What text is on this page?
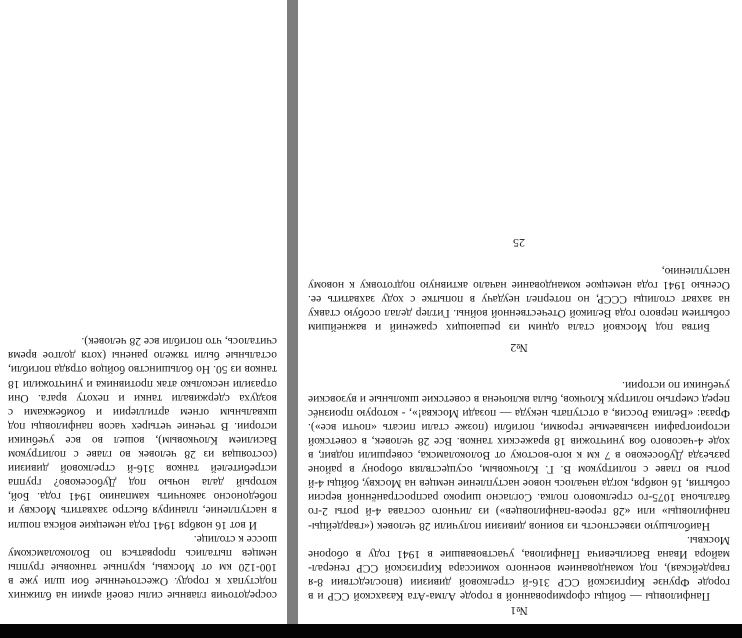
сосредоточив главные силы своей армии на ближних подступах к городу. Ожесточенные бои шли уже в 100-120 км от Москвы, крупные танковые группы немцев пытались прорваться по Волоколамскому шоссе к столице.

И вот 16 ноября 1941 года немецкие войска пошли в наступление, планируя быстро захватить Москву и победоносно закончить кампанию 1941 года. Бой, который дала ночью под Дубосеково? группа истребителей танков 316-й стрелковой дивизии (состоящая из 28 человек во главе с политруком Василием Клочковым), вошел во все учебники истории. В течение четырех часов панфиловцы под шквальным огнем артиллерии и бомбежками с воздуха сдерживали танки и пехоту врага. Они отразили несколько атак противника и уничтожили 18 танков из 50. Но большинство бойцов отряда погибли, остальные были тяжело ранены (хотя долгое время считалось, что погибли все 28 человек).

№1

Панфиловцы — бойцы сформированной в городе Алма-Ата Казахской ССР и в городе Фрунзе Киргизской ССР 316-й стрелковой дивизии (впоследствии 8-я гвардейская), под командованием военного комиссара Киргизской ССР генерал-майора Ивана Васильевича Панфилова, участвовавшие в 1941 году в обороне Москвы.

Наибольшую известность из воинов дивизии получили 28 человек («гвардейцы-панфиловцы» или «28 героев-панфиловцев») из личного состава 4-й роты 2-го батальона 1075-го стрелкового полка. Согласно широко распространённой версии события, 16 ноября, когда началось новое наступление немцев на Москву, бойцы 4-й роты во главе с политруком В. Г. Клочковым, осуществляя оборону в районе разъезда Дубосеково в 7 км к юго-востоку от Волоколамска, совершили подвиг, в ходе 4-часового боя уничтожив 18 вражеских танков. Все 28 человек, в советской историографии называемые героями, погибли (позже стали писать «почти все»). Фраза: «Велика Россия, а отступать некуда — позади Москва!», - которую произнёс перед смертью политрук Клочков, была включена в советские школьные и вузовские учебники по истории.

№2

Битва под Москвой стала одним из решающих сражений и важнейшим событием первого года Великой Отечественной войны. Гитлер делал особую ставку на захват столицы СССР, но потерпел неудачу в попытке с ходу захватить ее. Осенью 1941 года немецкое командование начало активную подготовку к новому наступлению,

25
